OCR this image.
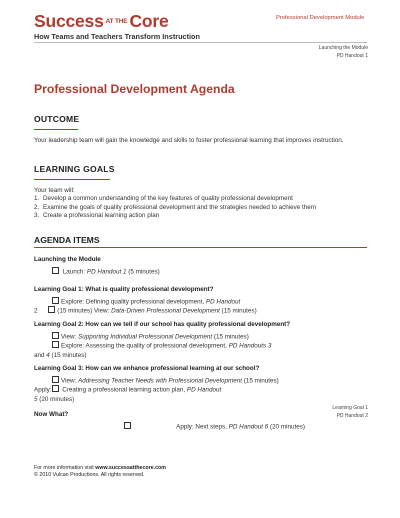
Success AT THE Core
How Teams and Teachers Transform Instruction
Professional Development Module
Launching the Module
PD Handout 1
Professional Development Agenda
OUTCOME
Your leadership team will gain the knowledge and skills to foster professional learning that improves instruction.
LEARNING GOALS
Your team will:
1. Develop a common understanding of the key features of quality professional development
2. Examine the goals of quality professional development and the strategies needed to achieve them
3. Create a professional learning action plan
AGENDA ITEMS
Launching the Module
Launch: PD Handout 1 (5 minutes)
Learning Goal 1: What is quality professional development?
Explore: Defining quality professional development, PD Handout
2	(15 minutes) View: Data-Driven Professional Development (15 minutes)
Learning Goal 2: How can we tell if our school has quality professional development?
View: Supporting Individual Professional Development (15 minutes)
Explore: Assessing the quality of professional development, PD Handouts 3
and 4 (15 minutes)
Learning Goal 3: How can we enhance professional learning at our school?
View: Addressing Teacher Needs with Professional Development (15 minutes)
Apply: Creating a professional learning action plan, PD Handout
5 (20 minutes)
Now What?
Apply: Next steps, PD Handout 6 (20 minutes)
Learning Goal 1
PD Handout 2
For more information visit www.successatthecore.com
© 2010 Vulcan Productions. All rights reserved.
